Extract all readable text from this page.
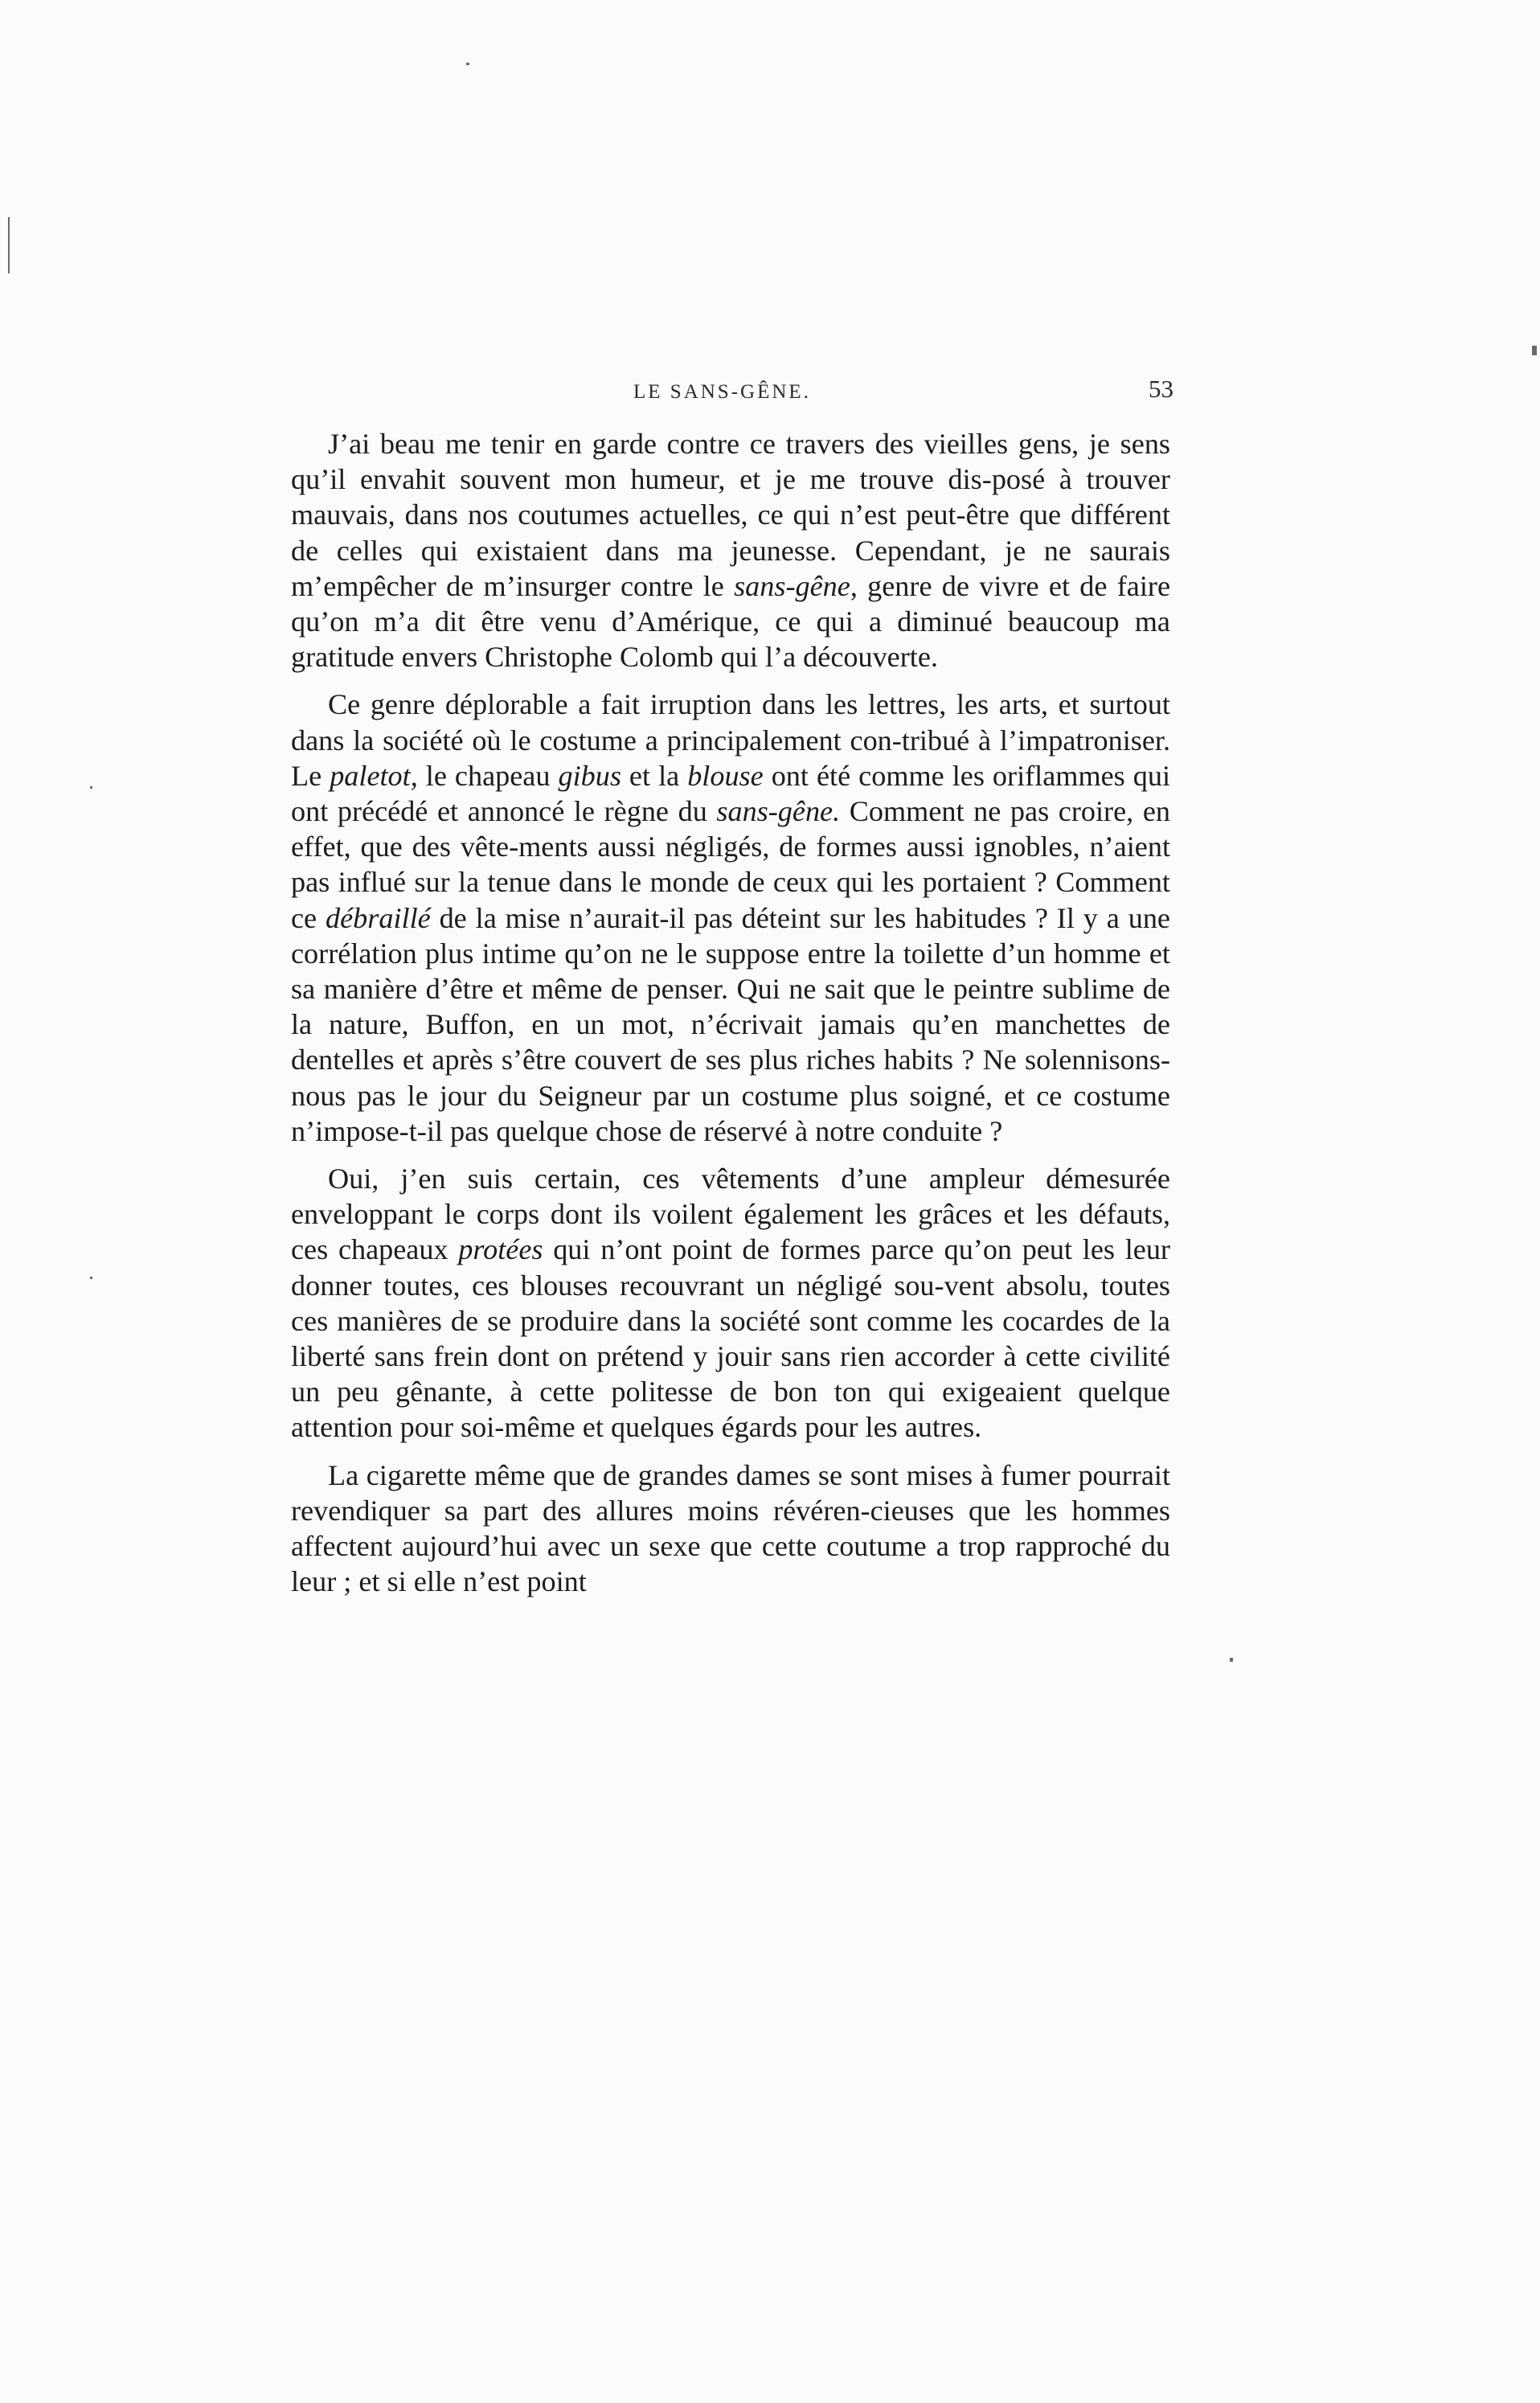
LE SANS-GÊNE.	53

J’ai beau me tenir en garde contre ce travers des vieilles gens, je sens qu’il envahit souvent mon humeur, et je me trouve dis-posé à trouver mauvais, dans nos coutumes actuelles, ce qui n’est peut-être que différent de celles qui existaient dans ma jeunesse. Cependant, je ne saurais m’empêcher de m’insurger contre le sans-gêne, genre de vivre et de faire qu’on m’a dit être venu d’Amérique, ce qui a diminué beaucoup ma gratitude envers Christophe Colomb qui l’a découverte.

Ce genre déplorable a fait irruption dans les lettres, les arts, et surtout dans la société où le costume a principalement con-tribué à l’impatroniser. Le paletot, le chapeau gibus et la blouse ont été comme les oriflammes qui ont précédé et annoncé le règne du sans-gêne. Comment ne pas croire, en effet, que des vête-ments aussi négligés, de formes aussi ignobles, n’aient pas influé sur la tenue dans le monde de ceux qui les portaient ? Comment ce débraillé de la mise n’aurait-il pas déteint sur les habitudes ? Il y a une corrélation plus intime qu’on ne le suppose entre la toilette d’un homme et sa manière d’être et même de penser. Qui ne sait que le peintre sublime de la nature, Buffon, en un mot, n’écrivait jamais qu’en manchettes de dentelles et après s’être couvert de ses plus riches habits ? Ne solennisons-nous pas le jour du Seigneur par un costume plus soigné, et ce costume n’impose-t-il pas quelque chose de réservé à notre conduite ?

Oui, j’en suis certain, ces vêtements d’une ampleur démesurée enveloppant le corps dont ils voilent également les grâces et les défauts, ces chapeaux protées qui n’ont point de formes parce qu’on peut les leur donner toutes, ces blouses recouvrant un négligé sou-vent absolu, toutes ces manières de se produire dans la société sont comme les cocardes de la liberté sans frein dont on prétend y jouir sans rien accorder à cette civilité un peu gênante, à cette politesse de bon ton qui exigeaient quelque attention pour soi-même et quelques égards pour les autres.

La cigarette même que de grandes dames se sont mises à fumer pourrait revendiquer sa part des allures moins révéren-cieuses que les hommes affectent aujourd’hui avec un sexe que cette coutume a trop rapproché du leur ; et si elle n’est point
